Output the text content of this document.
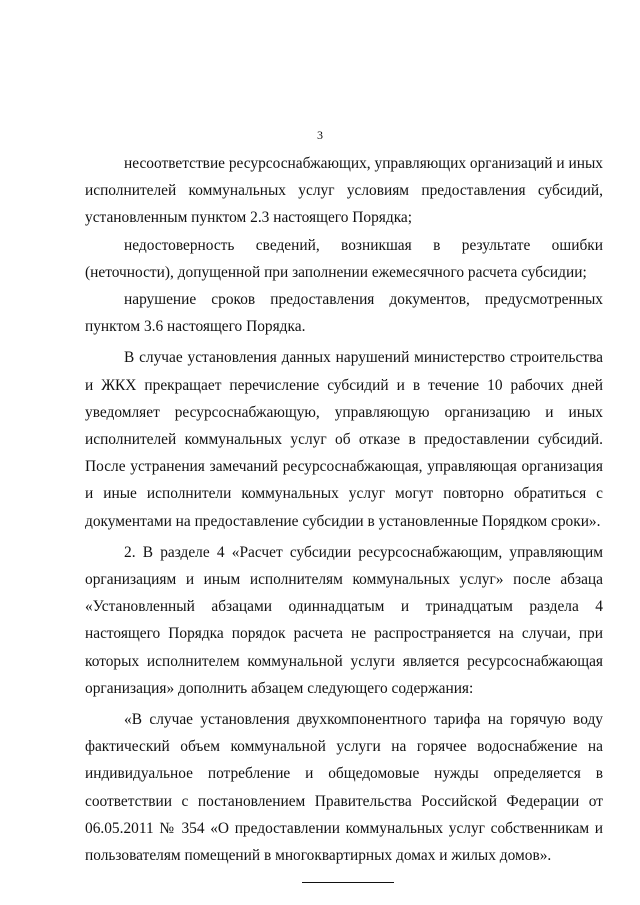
3

несоответствие ресурсоснабжающих, управляющих организаций и иных исполнителей коммунальных услуг условиям предоставления субсидий, установленным пунктом 2.3 настоящего Порядка;

недостоверность сведений, возникшая в результате ошибки (неточности), допущенной при заполнении ежемесячного расчета субсидии;

нарушение сроков предоставления документов, предусмотренных пунктом 3.6 настоящего Порядка.

В случае установления данных нарушений министерство строительства и ЖКХ прекращает перечисление субсидий и в течение 10 рабочих дней уведомляет ресурсоснабжающую, управляющую организацию и иных исполнителей коммунальных услуг об отказе в предоставлении субсидий. После устранения замечаний ресурсоснабжающая, управляющая организация и иные исполнители коммунальных услуг могут повторно обратиться с документами на предоставление субсидии в установленные Порядком сроки».

2. В разделе 4 «Расчет субсидии ресурсоснабжающим, управляющим организациям и иным исполнителям коммунальных услуг» после абзаца «Установленный абзацами одиннадцатым и тринадцатым раздела 4 настоящего Порядка порядок расчета не распространяется на случаи, при которых исполнителем коммунальной услуги является ресурсоснабжающая организация» дополнить абзацем следующего содержания:

«В случае установления двухкомпонентного тарифа на горячую воду фактический объем коммунальной услуги на горячее водоснабжение на индивидуальное потребление и общедомовые нужды определяется в соответствии с постановлением Правительства Российской Федерации от 06.05.2011 № 354 «О предоставлении коммунальных услуг собственникам и пользователям помещений в многоквартирных домах и жилых домов».
